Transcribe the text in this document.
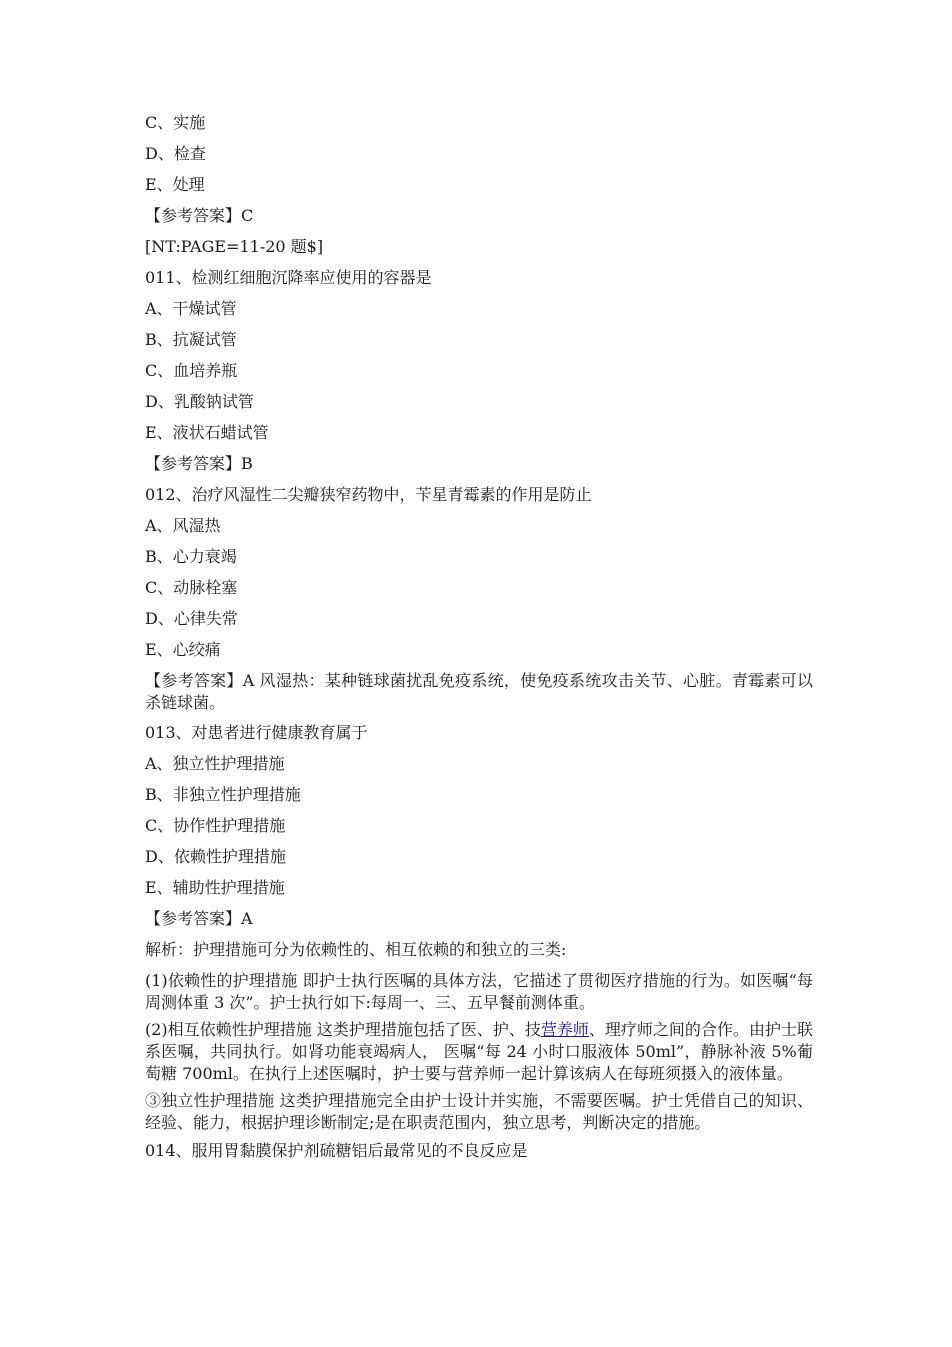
C、实施
D、检查
E、处理
【参考答案】C
[NT:PAGE=11-20 题$]
011、检测红细胞沉降率应使用的容器是
A、干燥试管
B、抗凝试管
C、血培养瓶
D、乳酸钠试管
E、液状石蜡试管
【参考答案】B
012、治疗风湿性二尖瓣狭窄药物中，苄星青霉素的作用是防止
A、风湿热
B、心力衰竭
C、动脉栓塞
D、心律失常
E、心绞痛
【参考答案】A 风湿热：某种链球菌扰乱免疫系统，使免疫系统攻击关节、心脏。青霉素可以杀链球菌。
013、对患者进行健康教育属于
A、独立性护理措施
B、非独立性护理措施
C、协作性护理措施
D、依赖性护理措施
E、辅助性护理措施
【参考答案】A
解析：护理措施可分为依赖性的、相互依赖的和独立的三类:
(1)依赖性的护理措施 即护士执行医嘱的具体方法，它描述了贯彻医疗措施的行为。如医嘱“每周测体重 3 次”。护士执行如下:每周一、三、五早餐前测体重。
(2)相互依赖性护理措施 这类护理措施包括了医、护、技营养师、理疗师之间的合作。由护士联系医嘱，共同执行。如肾功能衰竭病人， 医嘱“每 24 小时口服液体 50ml”，静脉补液 5%葡萄糖 700ml。在执行上述医嘱时，护士要与营养师一起计算该病人在每班须摄入的液体量。
③独立性护理措施 这类护理措施完全由护士设计并实施，不需要医嘱。护士凭借自己的知识、经验、能力，根据护理诊断制定;是在职责范围内，独立思考，判断决定的措施。
014、服用胃黏膜保护剂硫糖铝后最常见的不良反应是
